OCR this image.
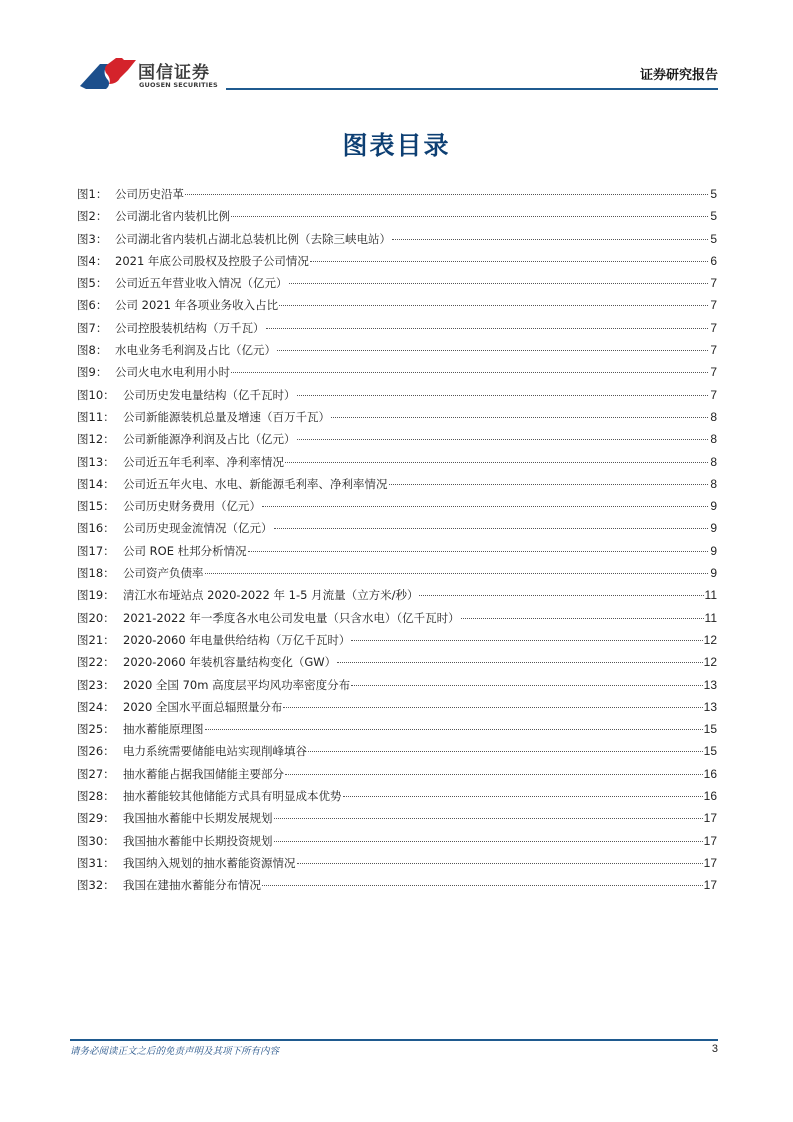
国信证券
GUOSEN SECURITIES
证券研究报告
图表目录
图1： 公司历史沿革	5
图2： 公司湖北省内装机比例	5
图3： 公司湖北省内装机占湖北总装机比例（去除三峡电站）	5
图4： 2021 年底公司股权及控股子公司情况	6
图5： 公司近五年营业收入情况（亿元）	7
图6： 公司 2021 年各项业务收入占比	7
图7： 公司控股装机结构（万千瓦）	7
图8： 水电业务毛利润及占比（亿元）	7
图9： 公司火电水电利用小时	7
图10： 公司历史发电量结构（亿千瓦时）	7
图11： 公司新能源装机总量及增速（百万千瓦）	8
图12： 公司新能源净利润及占比（亿元）	8
图13： 公司近五年毛利率、净利率情况	8
图14： 公司近五年火电、水电、新能源毛利率、净利率情况	8
图15： 公司历史财务费用（亿元）	9
图16： 公司历史现金流情况（亿元）	9
图17： 公司 ROE 杜邦分析情况	9
图18： 公司资产负债率	9
图19： 清江水布垭站点 2020-2022 年 1-5 月流量（立方米/秒）	11
图20： 2021-2022 年一季度各水电公司发电量（只含水电）（亿千瓦时）	11
图21： 2020-2060 年电量供给结构（万亿千瓦时）	12
图22： 2020-2060 年装机容量结构变化（GW）	12
图23： 2020 全国 70m 高度层平均风功率密度分布	13
图24： 2020 全国水平面总辐照量分布	13
图25： 抽水蓄能原理图	15
图26： 电力系统需要储能电站实现削峰填谷	15
图27： 抽水蓄能占据我国储能主要部分	16
图28： 抽水蓄能较其他储能方式具有明显成本优势	16
图29： 我国抽水蓄能中长期发展规划	17
图30： 我国抽水蓄能中长期投资规划	17
图31： 我国纳入规划的抽水蓄能资源情况	17
图32： 我国在建抽水蓄能分布情况	17
请务必阅读正文之后的免责声明及其项下所有内容	3
